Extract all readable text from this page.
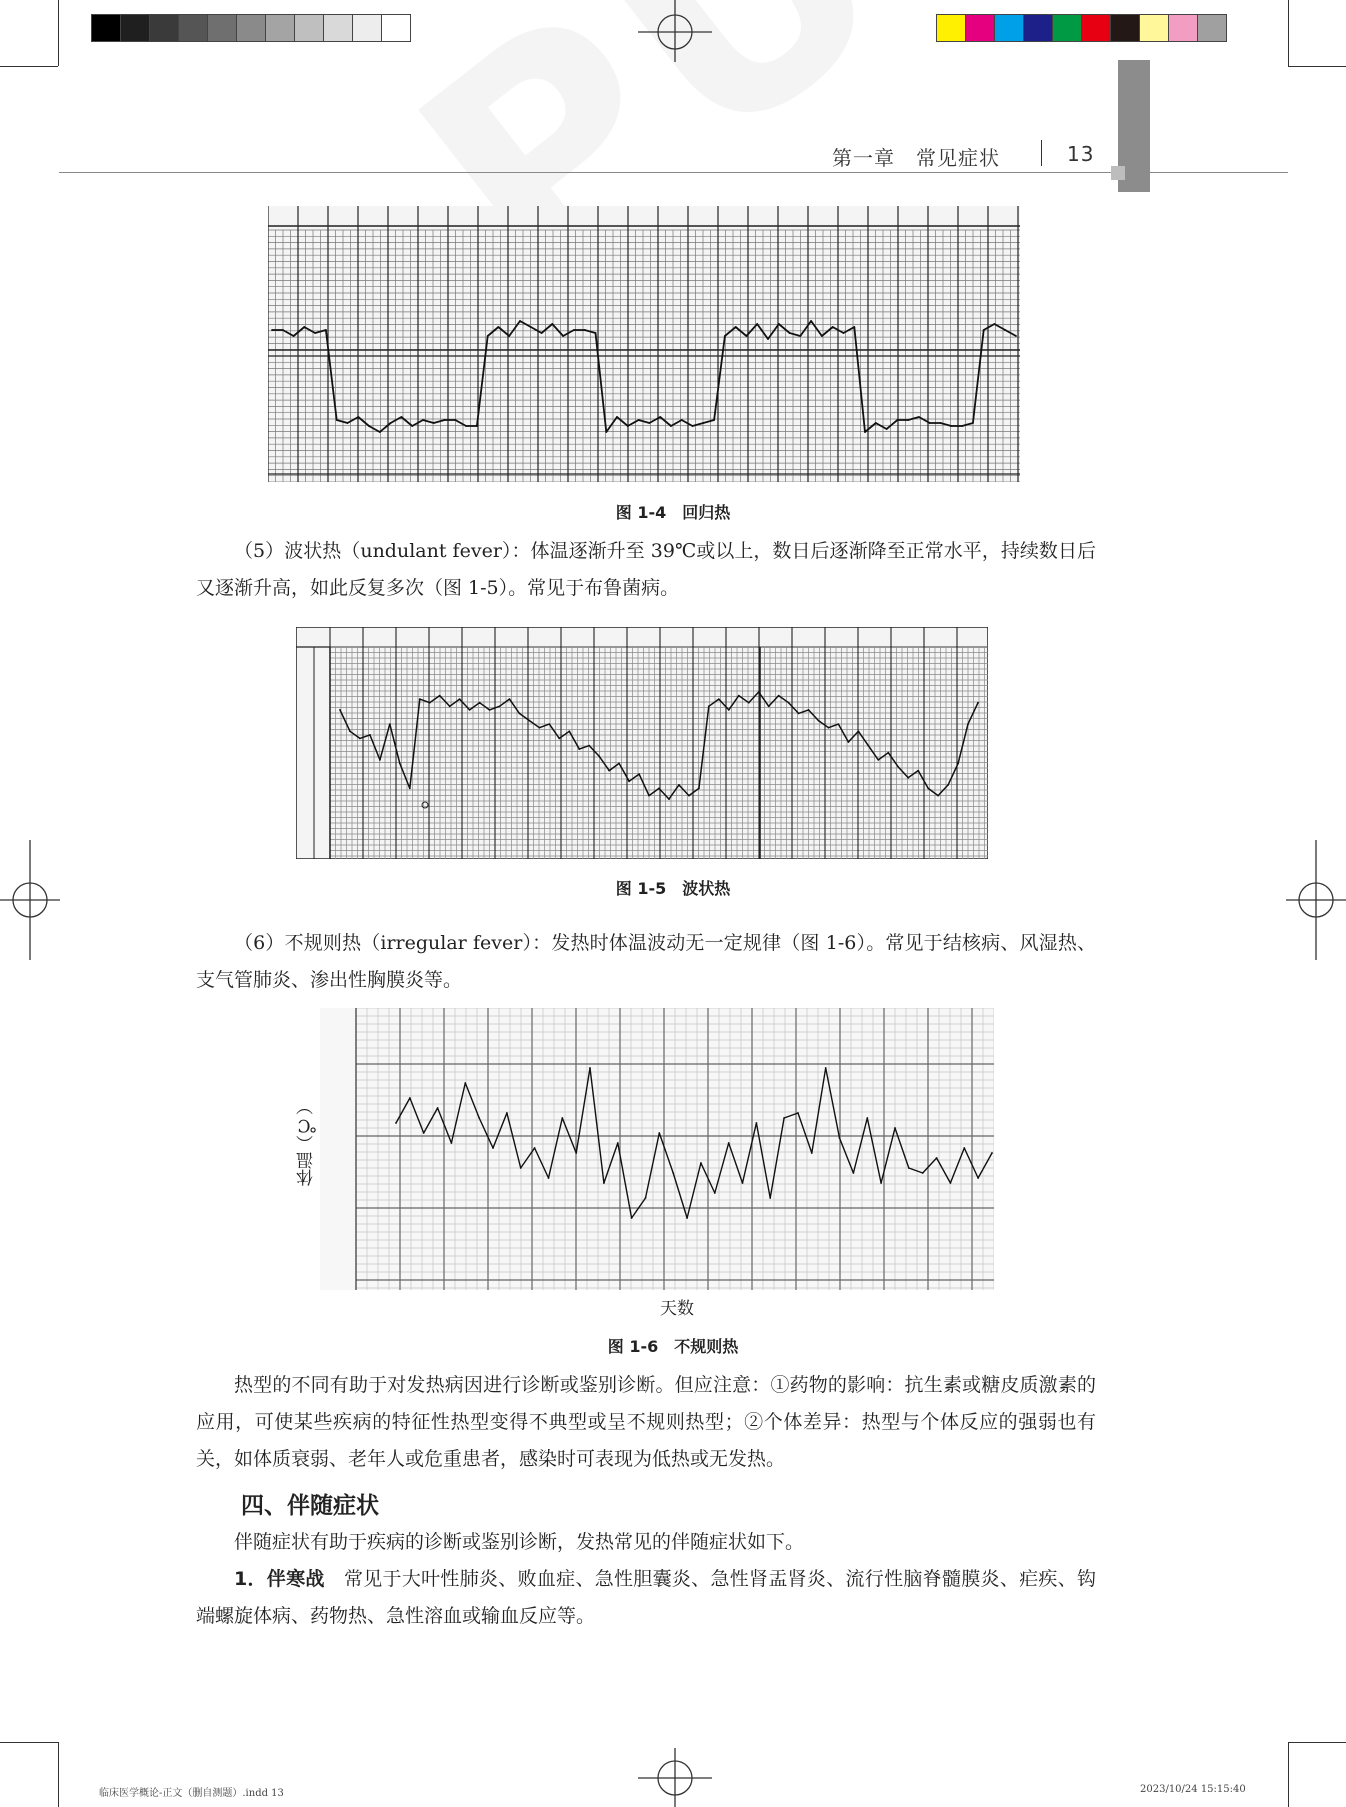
第一章　常见症状	13
图 1-4　回归热
（5）波状热（undulant fever）：体温逐渐升至 39℃或以上，数日后逐渐降至正常水平，持续数日后又逐渐升高，如此反复多次（图 1-5）。常见于布鲁菌病。
图 1-5　波状热
（6）不规则热（irregular fever）：发热时体温波动无一定规律（图 1-6）。常见于结核病、风湿热、支气管肺炎、渗出性胸膜炎等。
体温（℃）
天数
图 1-6　不规则热
热型的不同有助于对发热病因进行诊断或鉴别诊断。但应注意：①药物的影响：抗生素或糖皮质激素的应用，可使某些疾病的特征性热型变得不典型或呈不规则热型；②个体差异：热型与个体反应的强弱也有关，如体质衰弱、老年人或危重患者，感染时可表现为低热或无发热。
四、伴随症状
伴随症状有助于疾病的诊断或鉴别诊断，发热常见的伴随症状如下。
1．伴寒战　常见于大叶性肺炎、败血症、急性胆囊炎、急性肾盂肾炎、流行性脑脊髓膜炎、疟疾、钩端螺旋体病、药物热、急性溶血或输血反应等。
临床医学概论-正文（删自测题）.indd 13	2023/10/24 15:15:40
